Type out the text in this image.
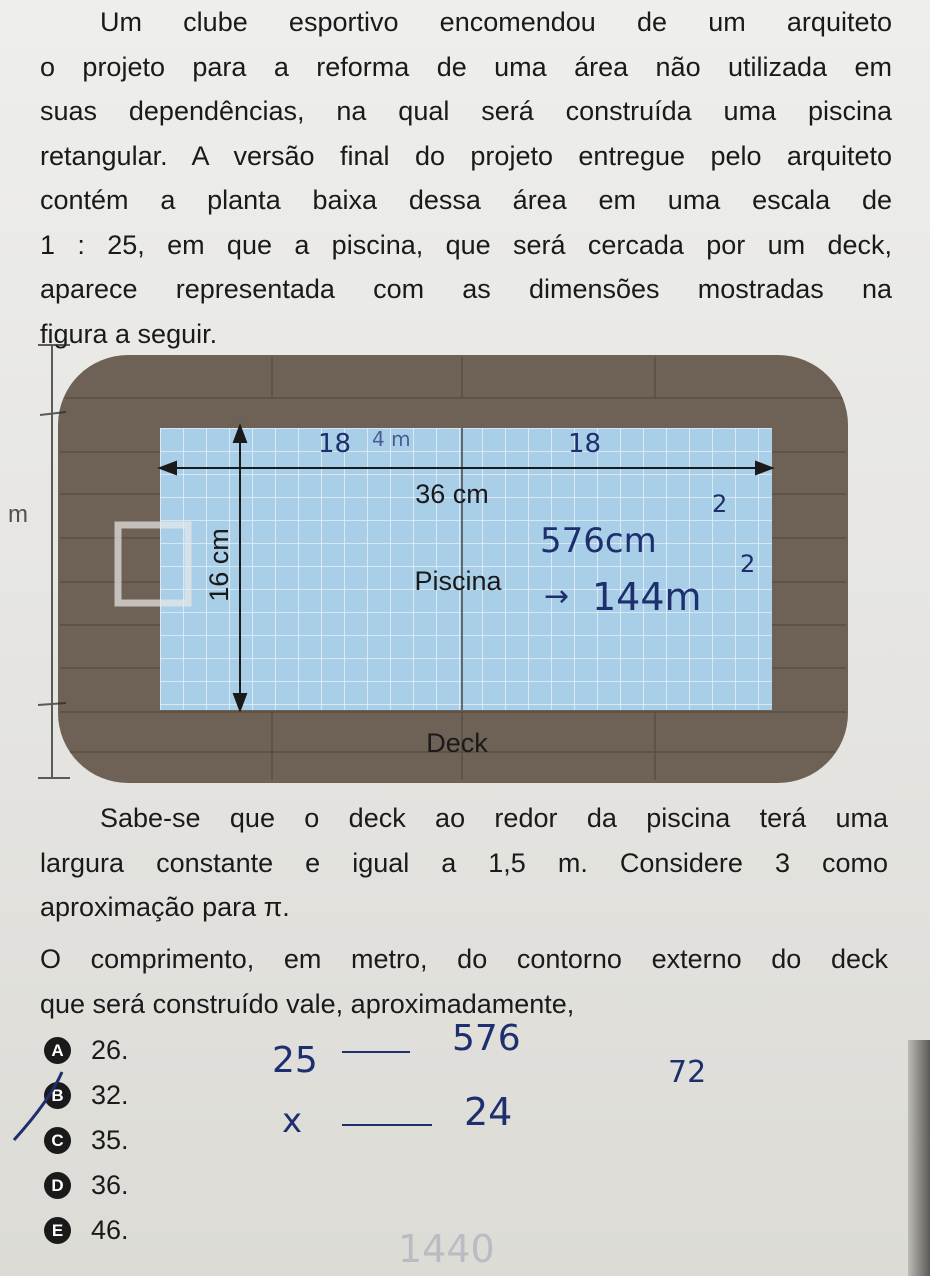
Um clube esportivo encomendou de um arquiteto
o projeto para a reforma de uma área não utilizada em
suas dependências, na qual será construída uma piscina
retangular. A versão final do projeto entregue pelo arquiteto
contém a planta baixa dessa área em uma escala de
1 : 25, em que a piscina, que será cercada por um deck,
aparece representada com as dimensões mostradas na
figura a seguir.
36 cm
16 cm	Piscina
Deck
18 4 m	18
576cm
2
→ 144m
2
m
Sabe-se que o deck ao redor da piscina terá uma
largura constante e igual a 1,5 m. Considere 3 como
aproximação para π.
O comprimento, em metro, do contorno externo do deck
que será construído vale, aproximadamente,
A 26.
B 32.
C 35.
D 36.
E 46.
25
576
x	24
72
1440
